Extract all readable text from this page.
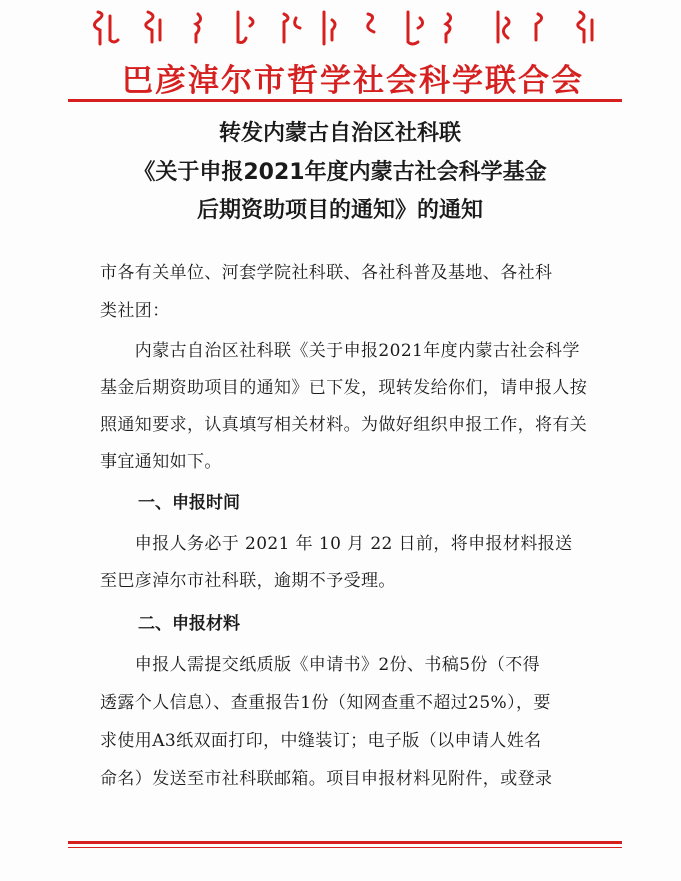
巴彦淖尔市哲学社会科学联合会
转发内蒙古自治区社科联
《关于申报2021年度内蒙古社会科学基金
后期资助项目的通知》的通知
市各有关单位、河套学院社科联、各社科普及基地、各社科
类社团：
　　内蒙古自治区社科联《关于申报2021年度内蒙古社会科学
基金后期资助项目的通知》已下发，现转发给你们，请申报人按
照通知要求，认真填写相关材料。为做好组织申报工作，将有关
事宜通知如下。
一、申报时间
　　申报人务必于 2021 年 10 月 22 日前，将申报材料报送
至巴彦淖尔市社科联，逾期不予受理。
二、申报材料
　　申报人需提交纸质版《申请书》2份、书稿5份（不得
透露个人信息）、查重报告1份（知网查重不超过25%），要
求使用A3纸双面打印，中缝装订；电子版（以申请人姓名
命名）发送至市社科联邮箱。项目申报材料见附件，或登录
